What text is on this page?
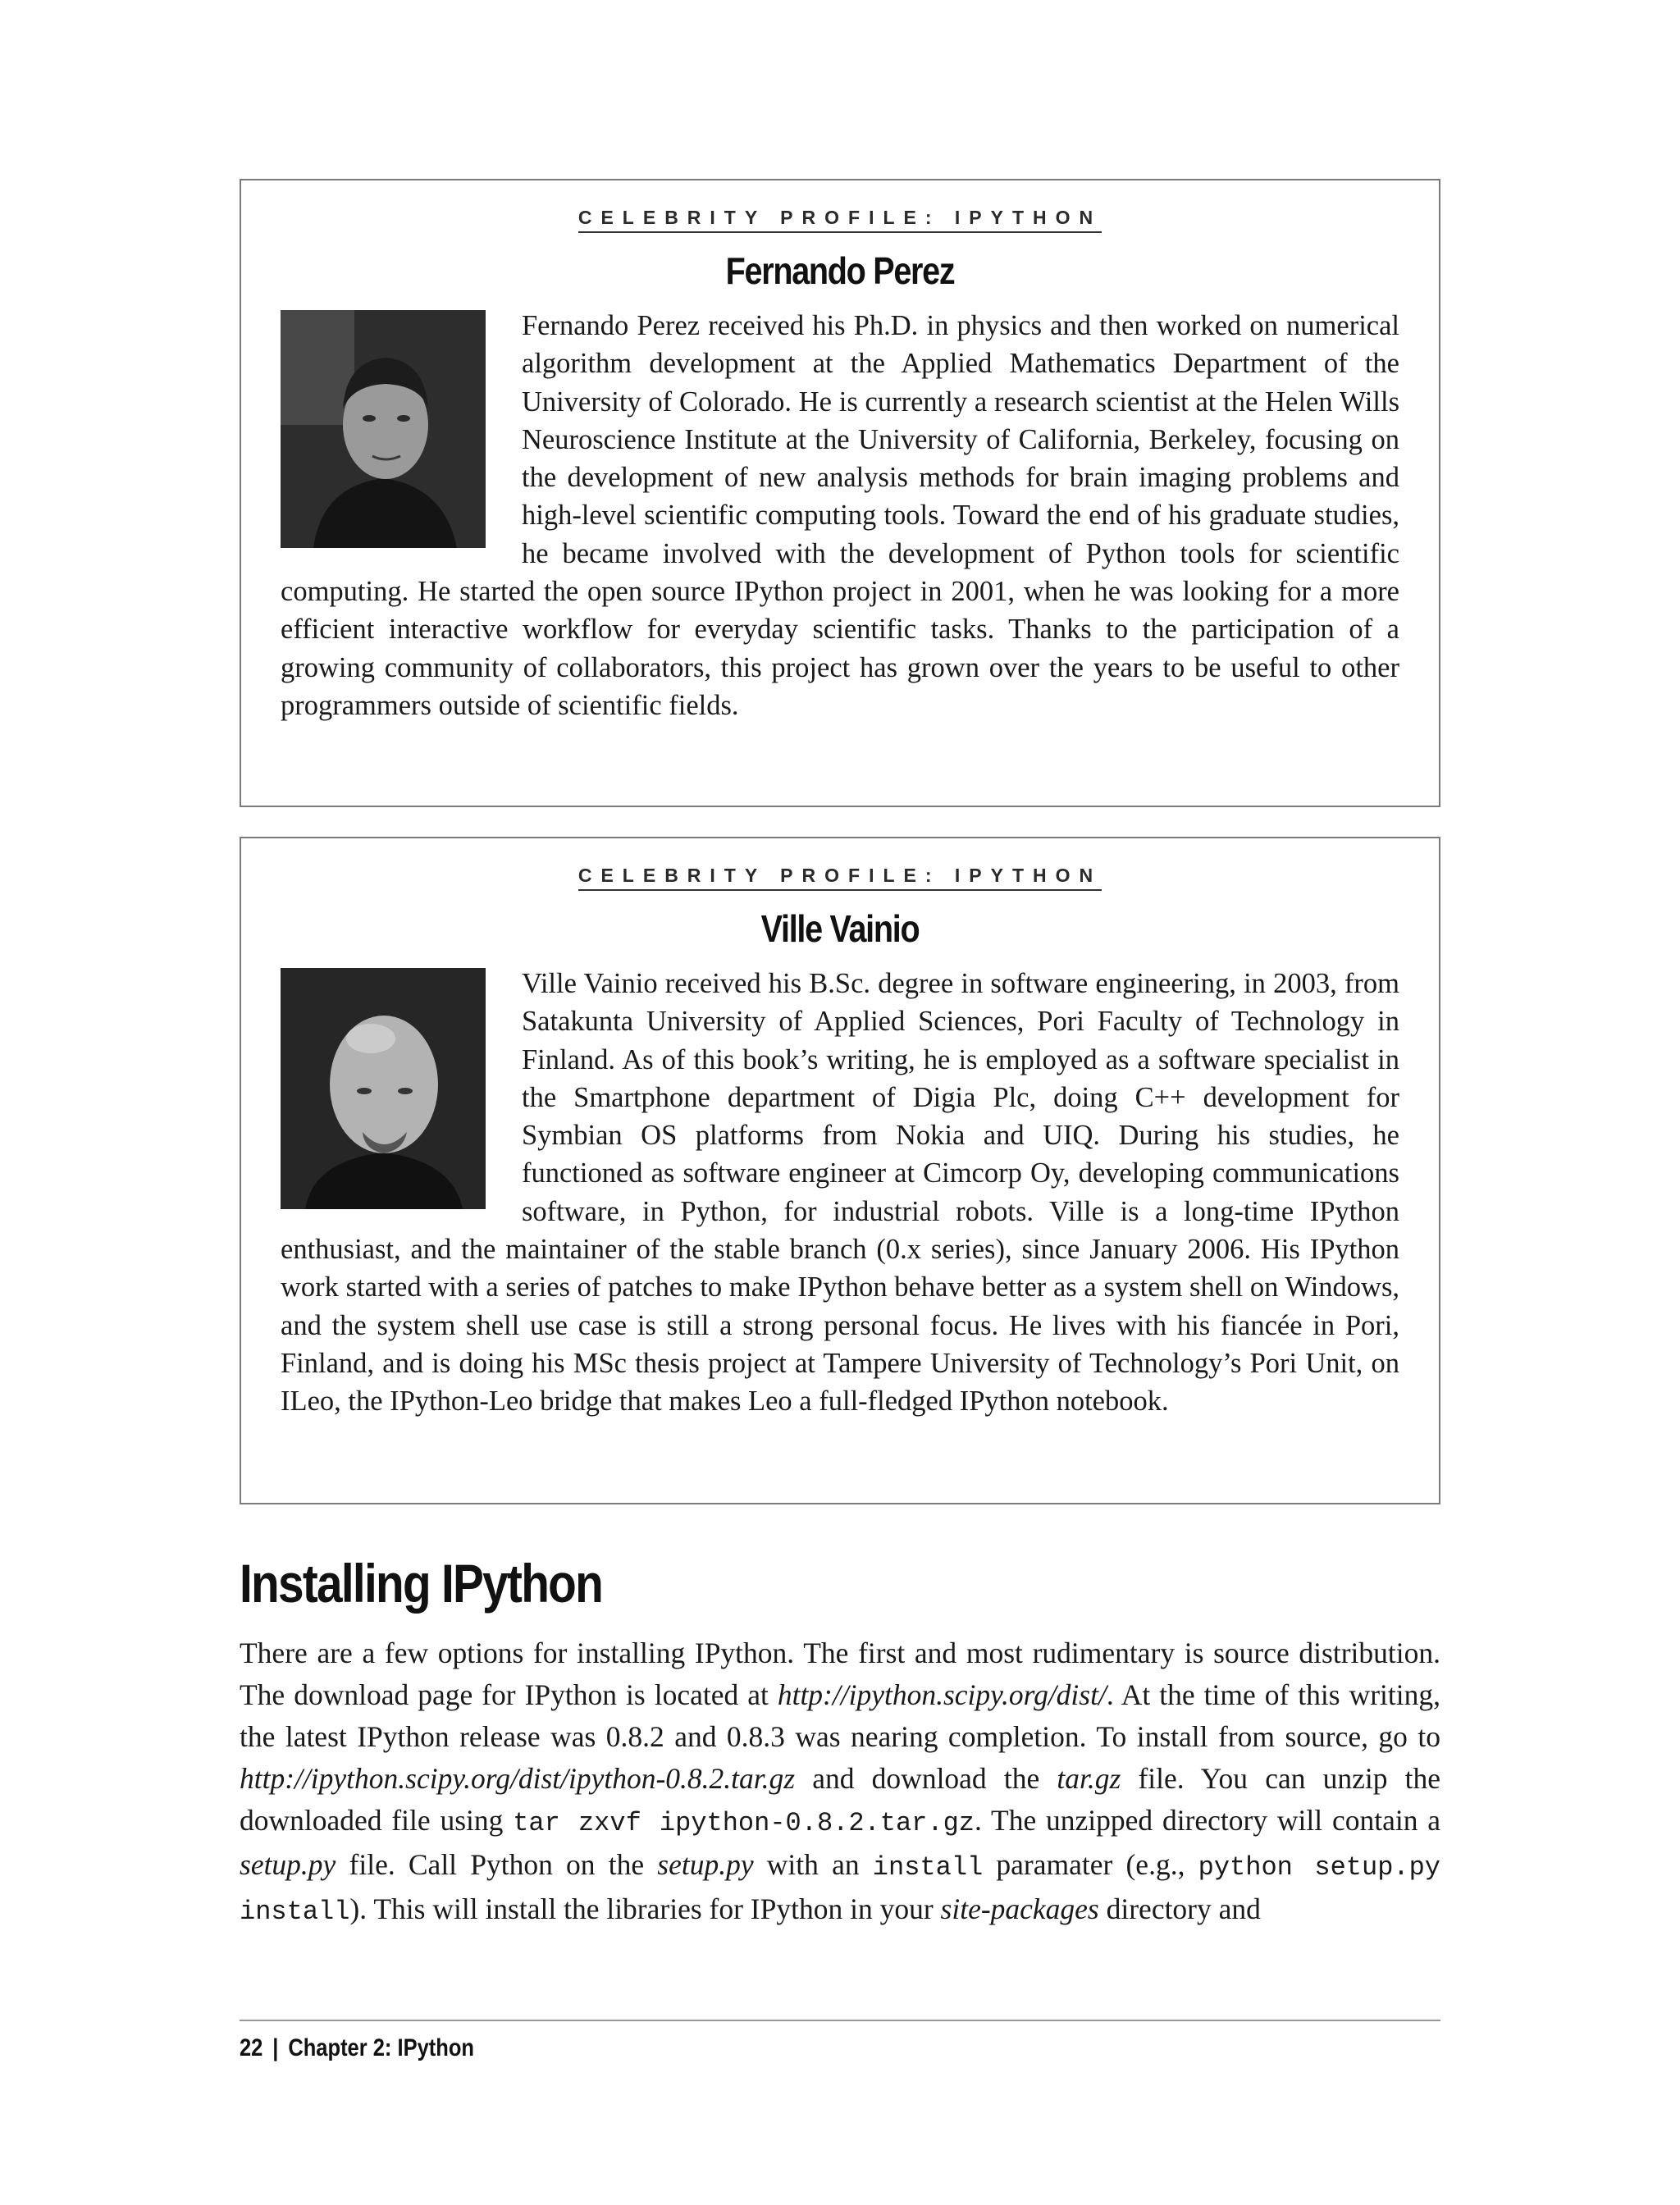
CELEBRITY PROFILE: IPYTHON
Fernando Perez

Fernando Perez received his Ph.D. in physics and then worked on numerical algorithm development at the Applied Mathematics Department of the University of Colorado. He is currently a research scientist at the Helen Wills Neuroscience Institute at the University of California, Berkeley, focusing on the development of new analysis methods for brain imaging problems and high-level scientific computing tools. Toward the end of his graduate studies, he became involved with the development of Python tools for scientific computing. He started the open source IPython project in 2001, when he was looking for a more efficient interactive workflow for everyday scientific tasks. Thanks to the participation of a growing community of collaborators, this project has grown over the years to be useful to other programmers outside of scientific fields.

CELEBRITY PROFILE: IPYTHON
Ville Vainio

Ville Vainio received his B.Sc. degree in software engineering, in 2003, from Satakunta University of Applied Sciences, Pori Faculty of Technology in Finland. As of this book’s writing, he is employed as a software specialist in the Smartphone department of Digia Plc, doing C++ development for Symbian OS platforms from Nokia and UIQ. During his studies, he functioned as software engineer at Cimcorp Oy, developing communications software, in Python, for industrial robots. Ville is a long-time IPython enthusiast, and the maintainer of the stable branch (0.x series), since January 2006. His IPython work started with a series of patches to make IPython behave better as a system shell on Windows, and the system shell use case is still a strong personal focus. He lives with his fiancée in Pori, Finland, and is doing his MSc thesis project at Tampere University of Technology’s Pori Unit, on ILeo, the IPython-Leo bridge that makes Leo a full-fledged IPython notebook.

Installing IPython

There are a few options for installing IPython. The first and most rudimentary is source distribution. The download page for IPython is located at http://ipython.scipy.org/dist/. At the time of this writing, the latest IPython release was 0.8.2 and 0.8.3 was nearing completion. To install from source, go to http://ipython.scipy.org/dist/ipython-0.8.2.tar.gz and download the tar.gz file. You can unzip the downloaded file using tar zxvf ipython-0.8.2.tar.gz. The unzipped directory will contain a setup.py file. Call Python on the setup.py with an install paramater (e.g., python setup.py install). This will install the libraries for IPython in your site-packages directory and

22 | Chapter 2: IPython
